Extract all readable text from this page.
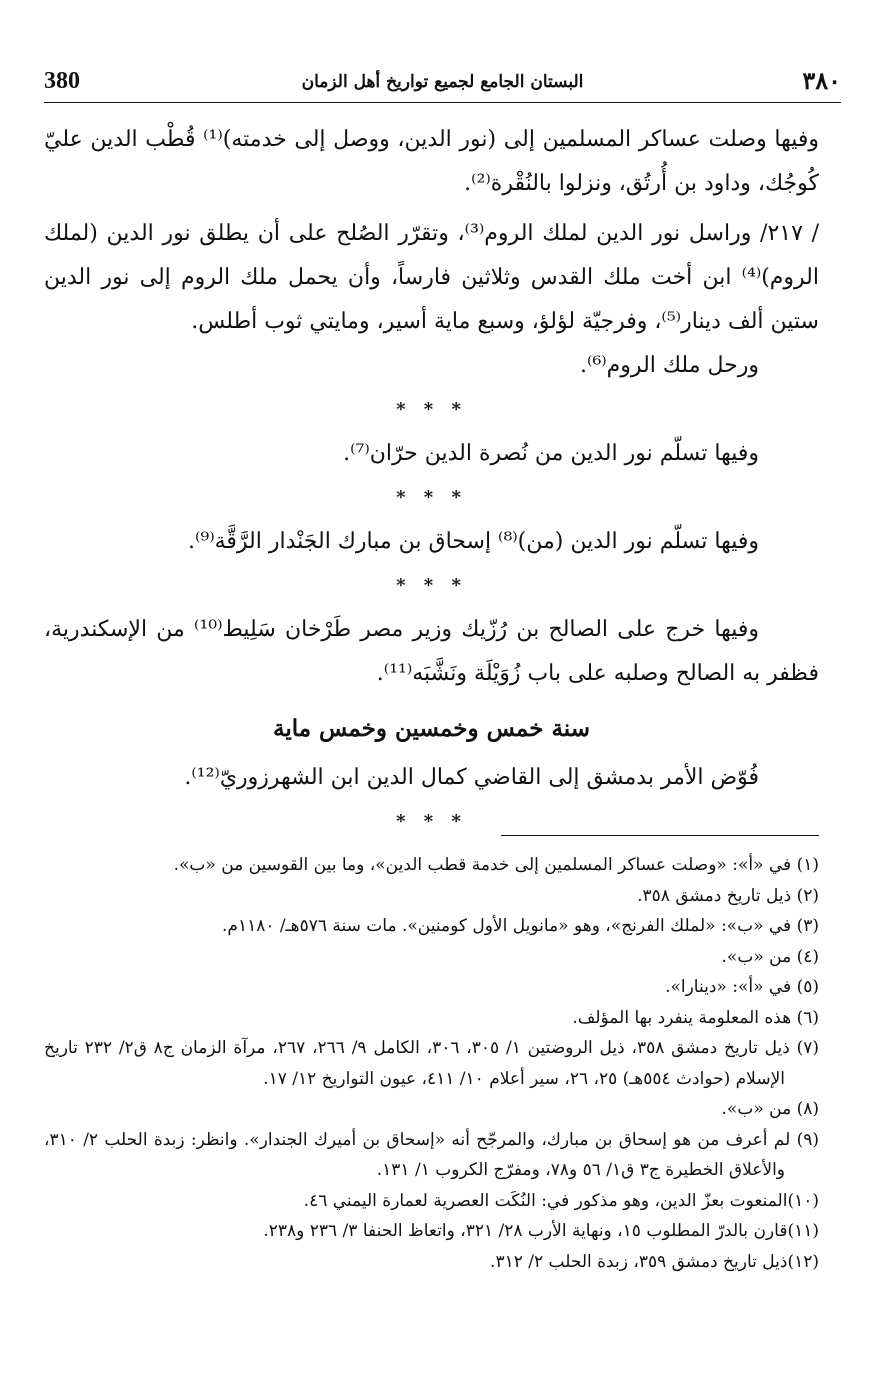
380	البستان الجامع لجميع تواريخ أهل الزمان	٣٨٠

وفيها وصلت عساكر المسلمين إلى (نور الدين، ووصل إلى خدمته)⁽¹⁾ قُطْب الدين عليّ كُوجُك، وداود بن أُرتُق، ونزلوا بالنُقْرة⁽²⁾.

/ ٢١٧/ وراسل نور الدين لملك الروم⁽³⁾، وتقرّر الصُلح على أن يطلق نور الدين (لملك الروم)⁽⁴⁾ ابن أخت ملك القدس وثلاثين فارساً، وأن يحمل ملك الروم إلى نور الدين ستين ألف دينار⁽⁵⁾، وفرجيّة لؤلؤ، وسبع ماية أسير، ومايتي ثوب أطلس.

ورحل ملك الروم⁽⁶⁾.

* * *

وفيها تسلّم نور الدين من نُصرة الدين حرّان⁽⁷⁾.

* * *

وفيها تسلّم نور الدين (من)⁽⁸⁾ إسحاق بن مبارك الجَنْدار الرَّقَّة⁽⁹⁾.

* * *

وفيها خرج على الصالح بن رُزّيك وزير مصر طَرْخان سَلِيط⁽¹⁰⁾ من الإسكندرية، فظفر به الصالح وصلبه على باب زُوَيْلَة ونَشَّبَه⁽¹¹⁾.

سنة خمس وخمسين وخمس ماية

فُوّض الأمر بدمشق إلى القاضي كمال الدين ابن الشهرزوريّ⁽¹²⁾.

* * *

(١) في «أ»: «وصلت عساكر المسلمين إلى خدمة قطب الدين»، وما بين القوسين من «ب».

(٢) ذيل تاريخ دمشق ٣٥٨.

(٣) في «ب»: «لملك الفرنج»، وهو «مانويل الأول كومنين». مات سنة ٥٧٦هـ/ ١١٨٠م.

(٤) من «ب».

(٥) في «أ»: «دينارا».

(٦) هذه المعلومة ينفرد بها المؤلف.

(٧) ذيل تاريخ دمشق ٣٥٨، ذيل الروضتين ١/ ٣٠٥، ٣٠٦، الكامل ٩/ ٢٦٦، ٢٦٧، مرآة الزمان ج٨ ق٢/ ٢٣٢ تاريخ الإسلام (حوادث ٥٥٤هـ) ٢٥، ٢٦، سير أعلام ١٠/ ٤١١، عيون التواريخ ١٢/ ١٧.

(٨) من «ب».

(٩) لم أعرف من هو إسحاق بن مبارك، والمرجّح أنه «إسحاق بن أميرك الجندار». وانظر: زبدة الحلب ٢/ ٣١٠، والأعلاق الخطيرة ج٣ ق١/ ٥٦ و٧٨، ومفرّج الكروب ١/ ١٣١.

(١٠)المنعوت بعزّ الدين، وهو مذكور في: النُكَت العصرية لعمارة اليمني ٤٦.

(١١)قارن بالدرّ المطلوب ١٥، ونهاية الأرب ٢٨/ ٣٢١، واتعاظ الحنفا ٣/ ٢٣٦ و٢٣٨.

(١٢)ذيل تاريخ دمشق ٣٥٩، زبدة الحلب ٢/ ٣١٢.
